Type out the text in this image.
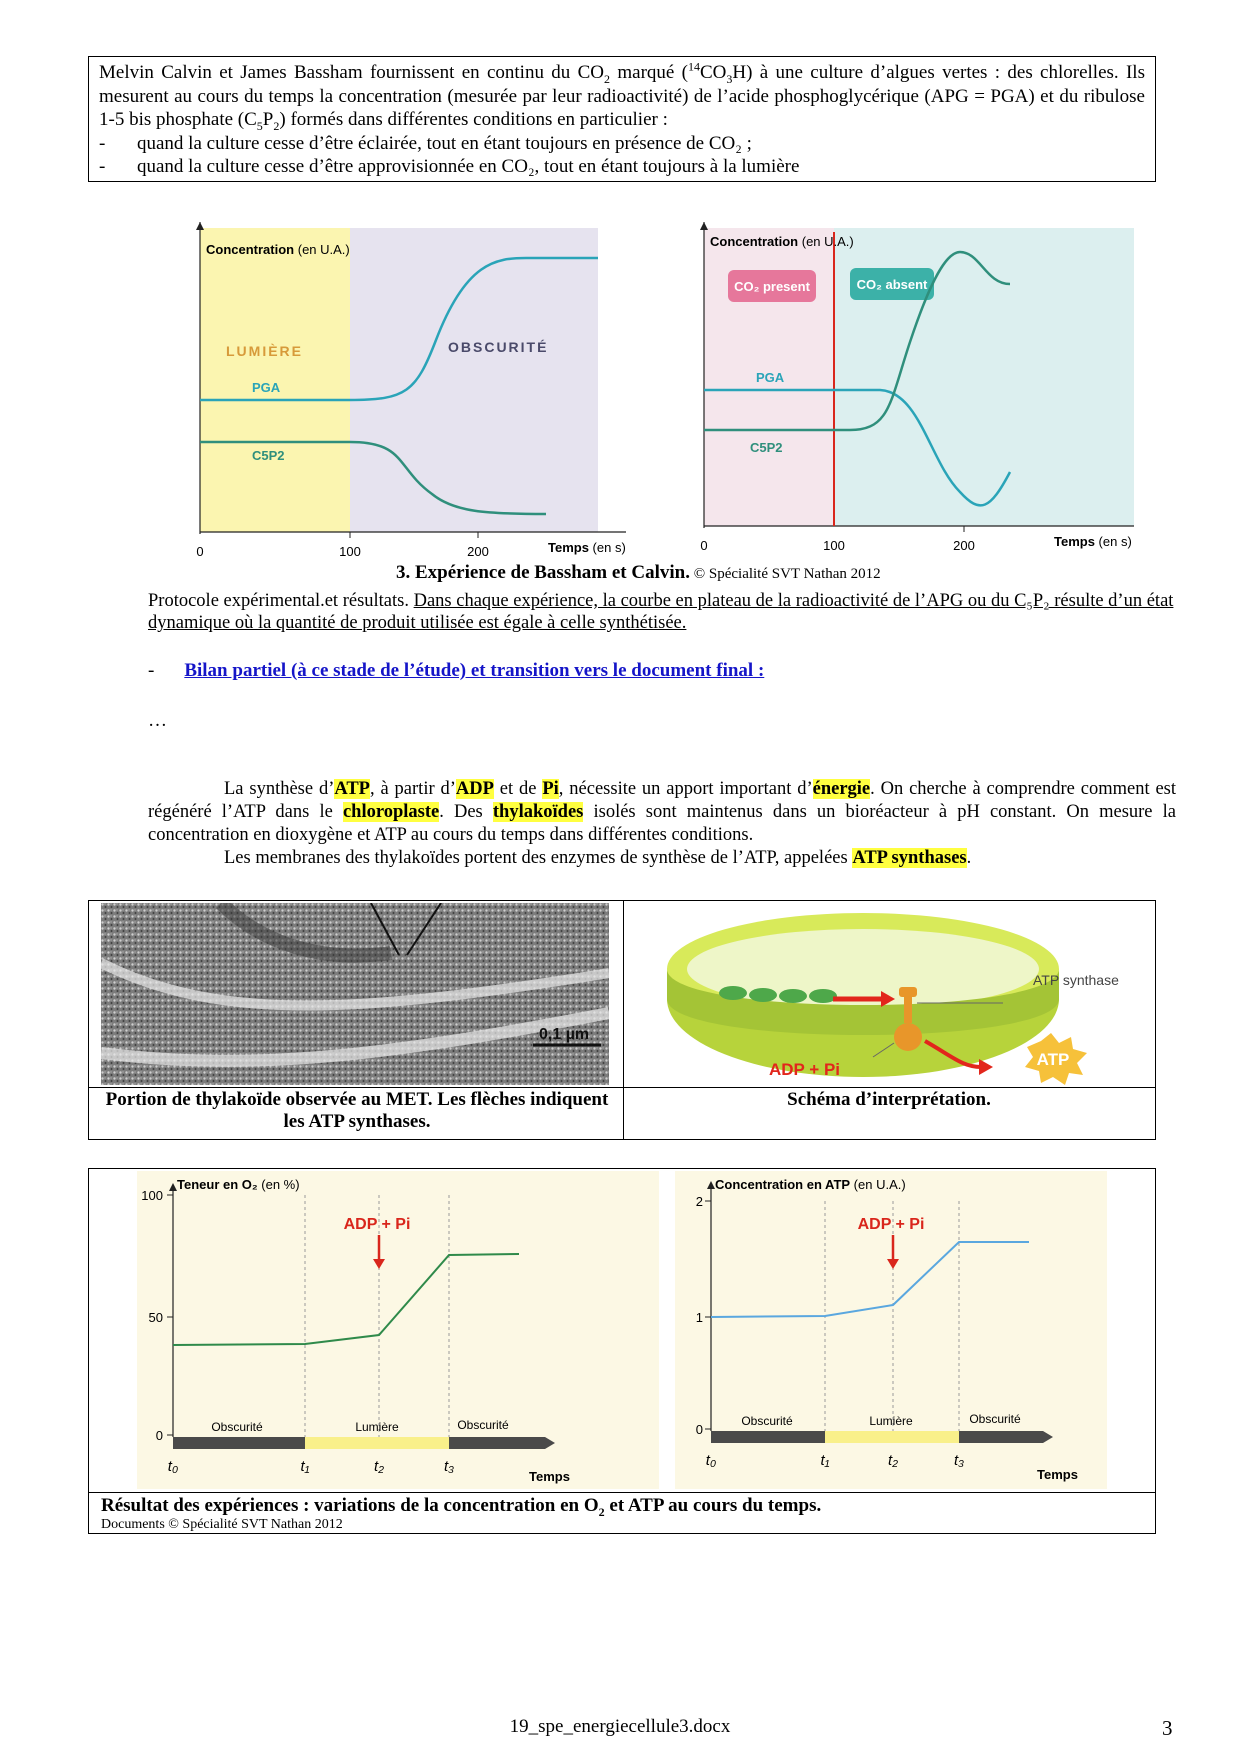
Melvin Calvin et James Bassham fournissent en continu du $CO_2$ marqué $(^{14}CO_3H)$ à une culture d’algues vertes : des chlorelles. Ils mesurent au cours du temps la concentration (mesurée par leur radioactivité) de l’acide phosphoglycérique (APG = PGA) et du ribulose 1-5 bis phosphate $(C_5P_2)$ formés dans différentes conditions en particulier :
-	quand la culture cesse d’être éclairée, tout en étant toujours en présence de CO₂ ;
-	quand la culture cesse d’être approvisionnée en CO₂, tout en étant toujours à la lumière
Concentration (en U.A.)
LUMIÈRE	OBSCURITÉ
PGA
C5P2
0	100	200	Temps (en s)
Concentration (en U.A.)
CO₂ present	CO₂ absent
PGA
C5P2
0	100	200	Temps (en s)
3. Expérience de Bassham et Calvin. © Spécialité SVT Nathan 2012
Protocole expérimental.et résultats. Dans chaque expérience, la courbe en plateau de la radioactivité de l’APG ou du C₅P₂ résulte d’un état dynamique où la quantité de produit utilisée est égale à celle synthétisée.
- Bilan partiel (à ce stade de l’étude) et transition vers le document final :
…
La synthèse d’ATP, à partir d’ADP et de Pi, nécessite un apport important d’énergie. On cherche à comprendre comment est régénéré l’ATP dans le chloroplaste. Des thylakoïdes isolés sont maintenus dans un bioréacteur à pH constant. On mesure la concentration en dioxygène et ATP au cours du temps dans différentes conditions.
Les membranes des thylakoïdes portent des enzymes de synthèse de l’ATP, appelées ATP synthases.
0,1 µm
Portion de thylakoïde observée au MET. Les flèches indiquent les ATP synthases.
ATP synthase
ADP + Pi
ATP
Schéma d’interprétation.
Teneur en O₂ (en %)
100
50
0
ADP + Pi
Obscurité	Lumière	Obscurité
t₀	t₁	t₂	t₃
Temps
Concentration en ATP (en U.A.)
2
1
0
ADP + Pi
Obscurité	Lumière	Obscurité
t₀	t₁	t₂	t₃
Temps
Résultat des expériences : variations de la concentration en $O_2$ et ATP au cours du temps.
Documents © Spécialité SVT Nathan 2012
19_spe_energiecellule3.docx	3
